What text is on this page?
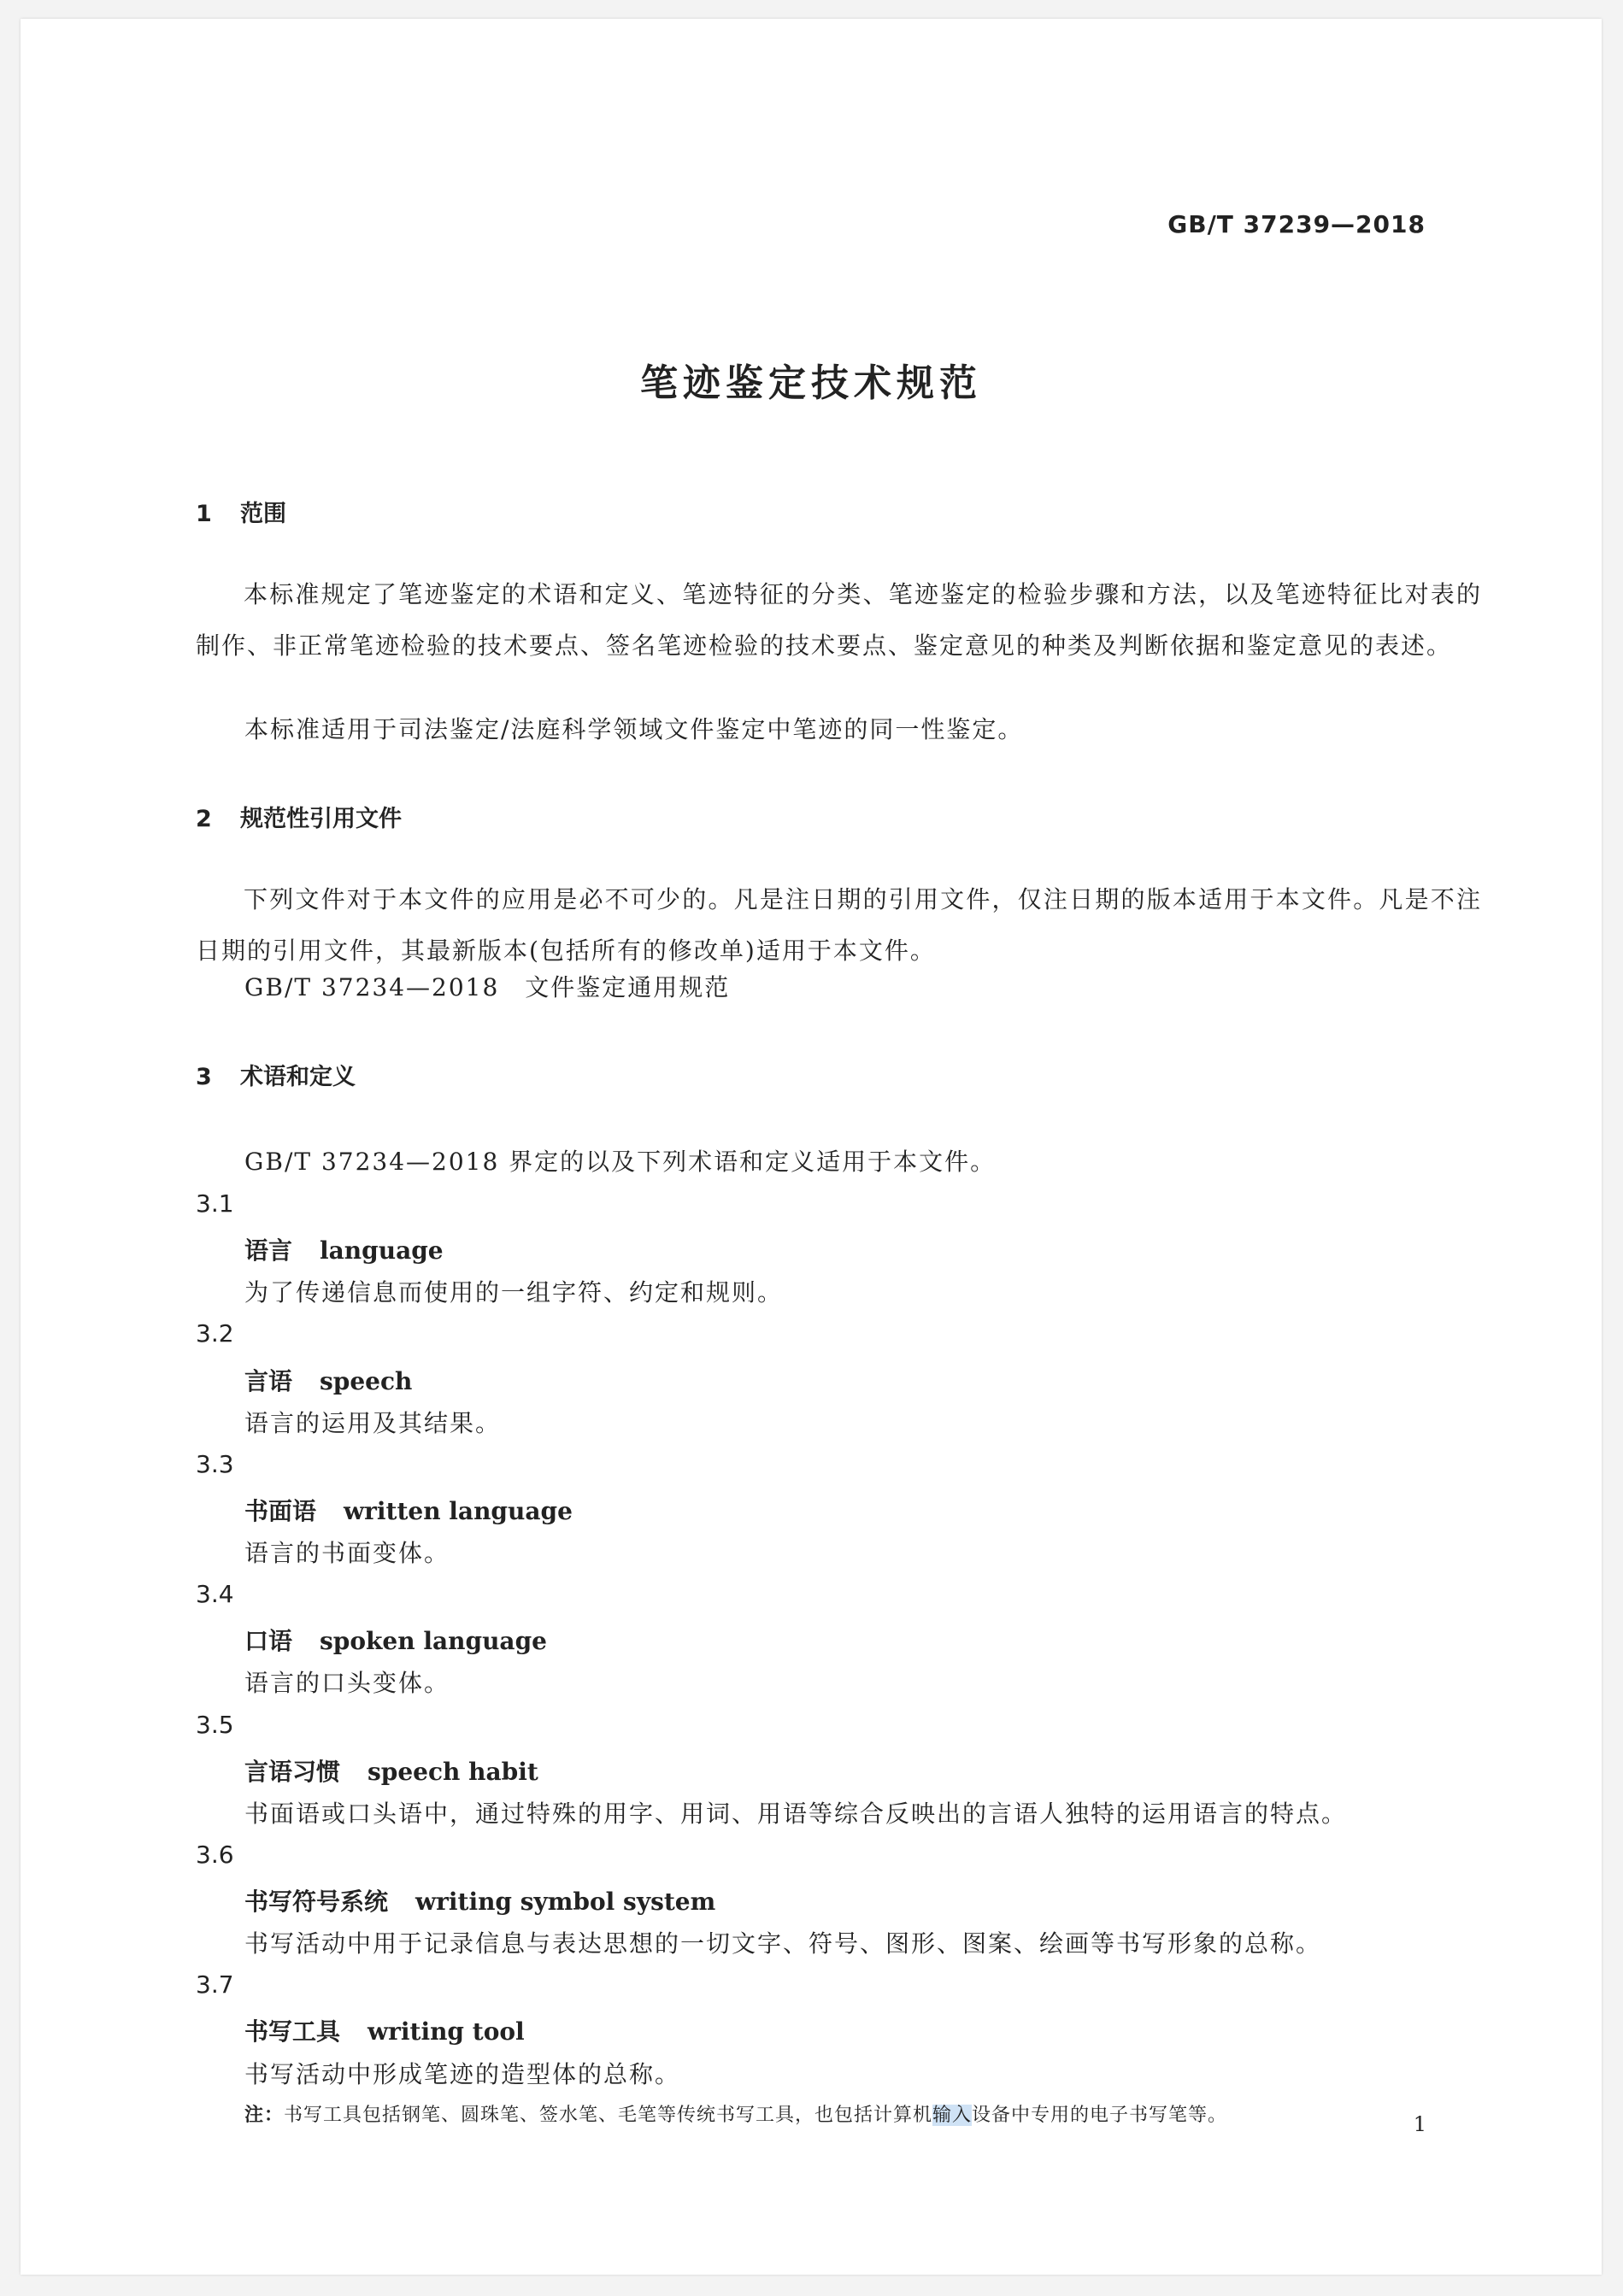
GB/T 37239—2018
笔迹鉴定技术规范
1 范围
本标准规定了笔迹鉴定的术语和定义、笔迹特征的分类、笔迹鉴定的检验步骤和方法，以及笔迹特征比对表的制作、非正常笔迹检验的技术要点、签名笔迹检验的技术要点、鉴定意见的种类及判断依据和鉴定意见的表述。
本标准适用于司法鉴定/法庭科学领域文件鉴定中笔迹的同一性鉴定。
2 规范性引用文件
下列文件对于本文件的应用是必不可少的。凡是注日期的引用文件，仅注日期的版本适用于本文件。凡是不注日期的引用文件，其最新版本(包括所有的修改单)适用于本文件。
GB/T 37234—2018　文件鉴定通用规范
3 术语和定义
GB/T 37234—2018 界定的以及下列术语和定义适用于本文件。
3.1
语言 language
为了传递信息而使用的一组字符、约定和规则。
3.2
言语 speech
语言的运用及其结果。
3.3
书面语 written language
语言的书面变体。
3.4
口语 spoken language
语言的口头变体。
3.5
言语习惯 speech habit
书面语或口头语中，通过特殊的用字、用词、用语等综合反映出的言语人独特的运用语言的特点。
3.6
书写符号系统 writing symbol system
书写活动中用于记录信息与表达思想的一切文字、符号、图形、图案、绘画等书写形象的总称。
3.7
书写工具 writing tool
书写活动中形成笔迹的造型体的总称。
注：书写工具包括钢笔、圆珠笔、签水笔、毛笔等传统书写工具，也包括计算机输入设备中专用的电子书写笔等。	1
